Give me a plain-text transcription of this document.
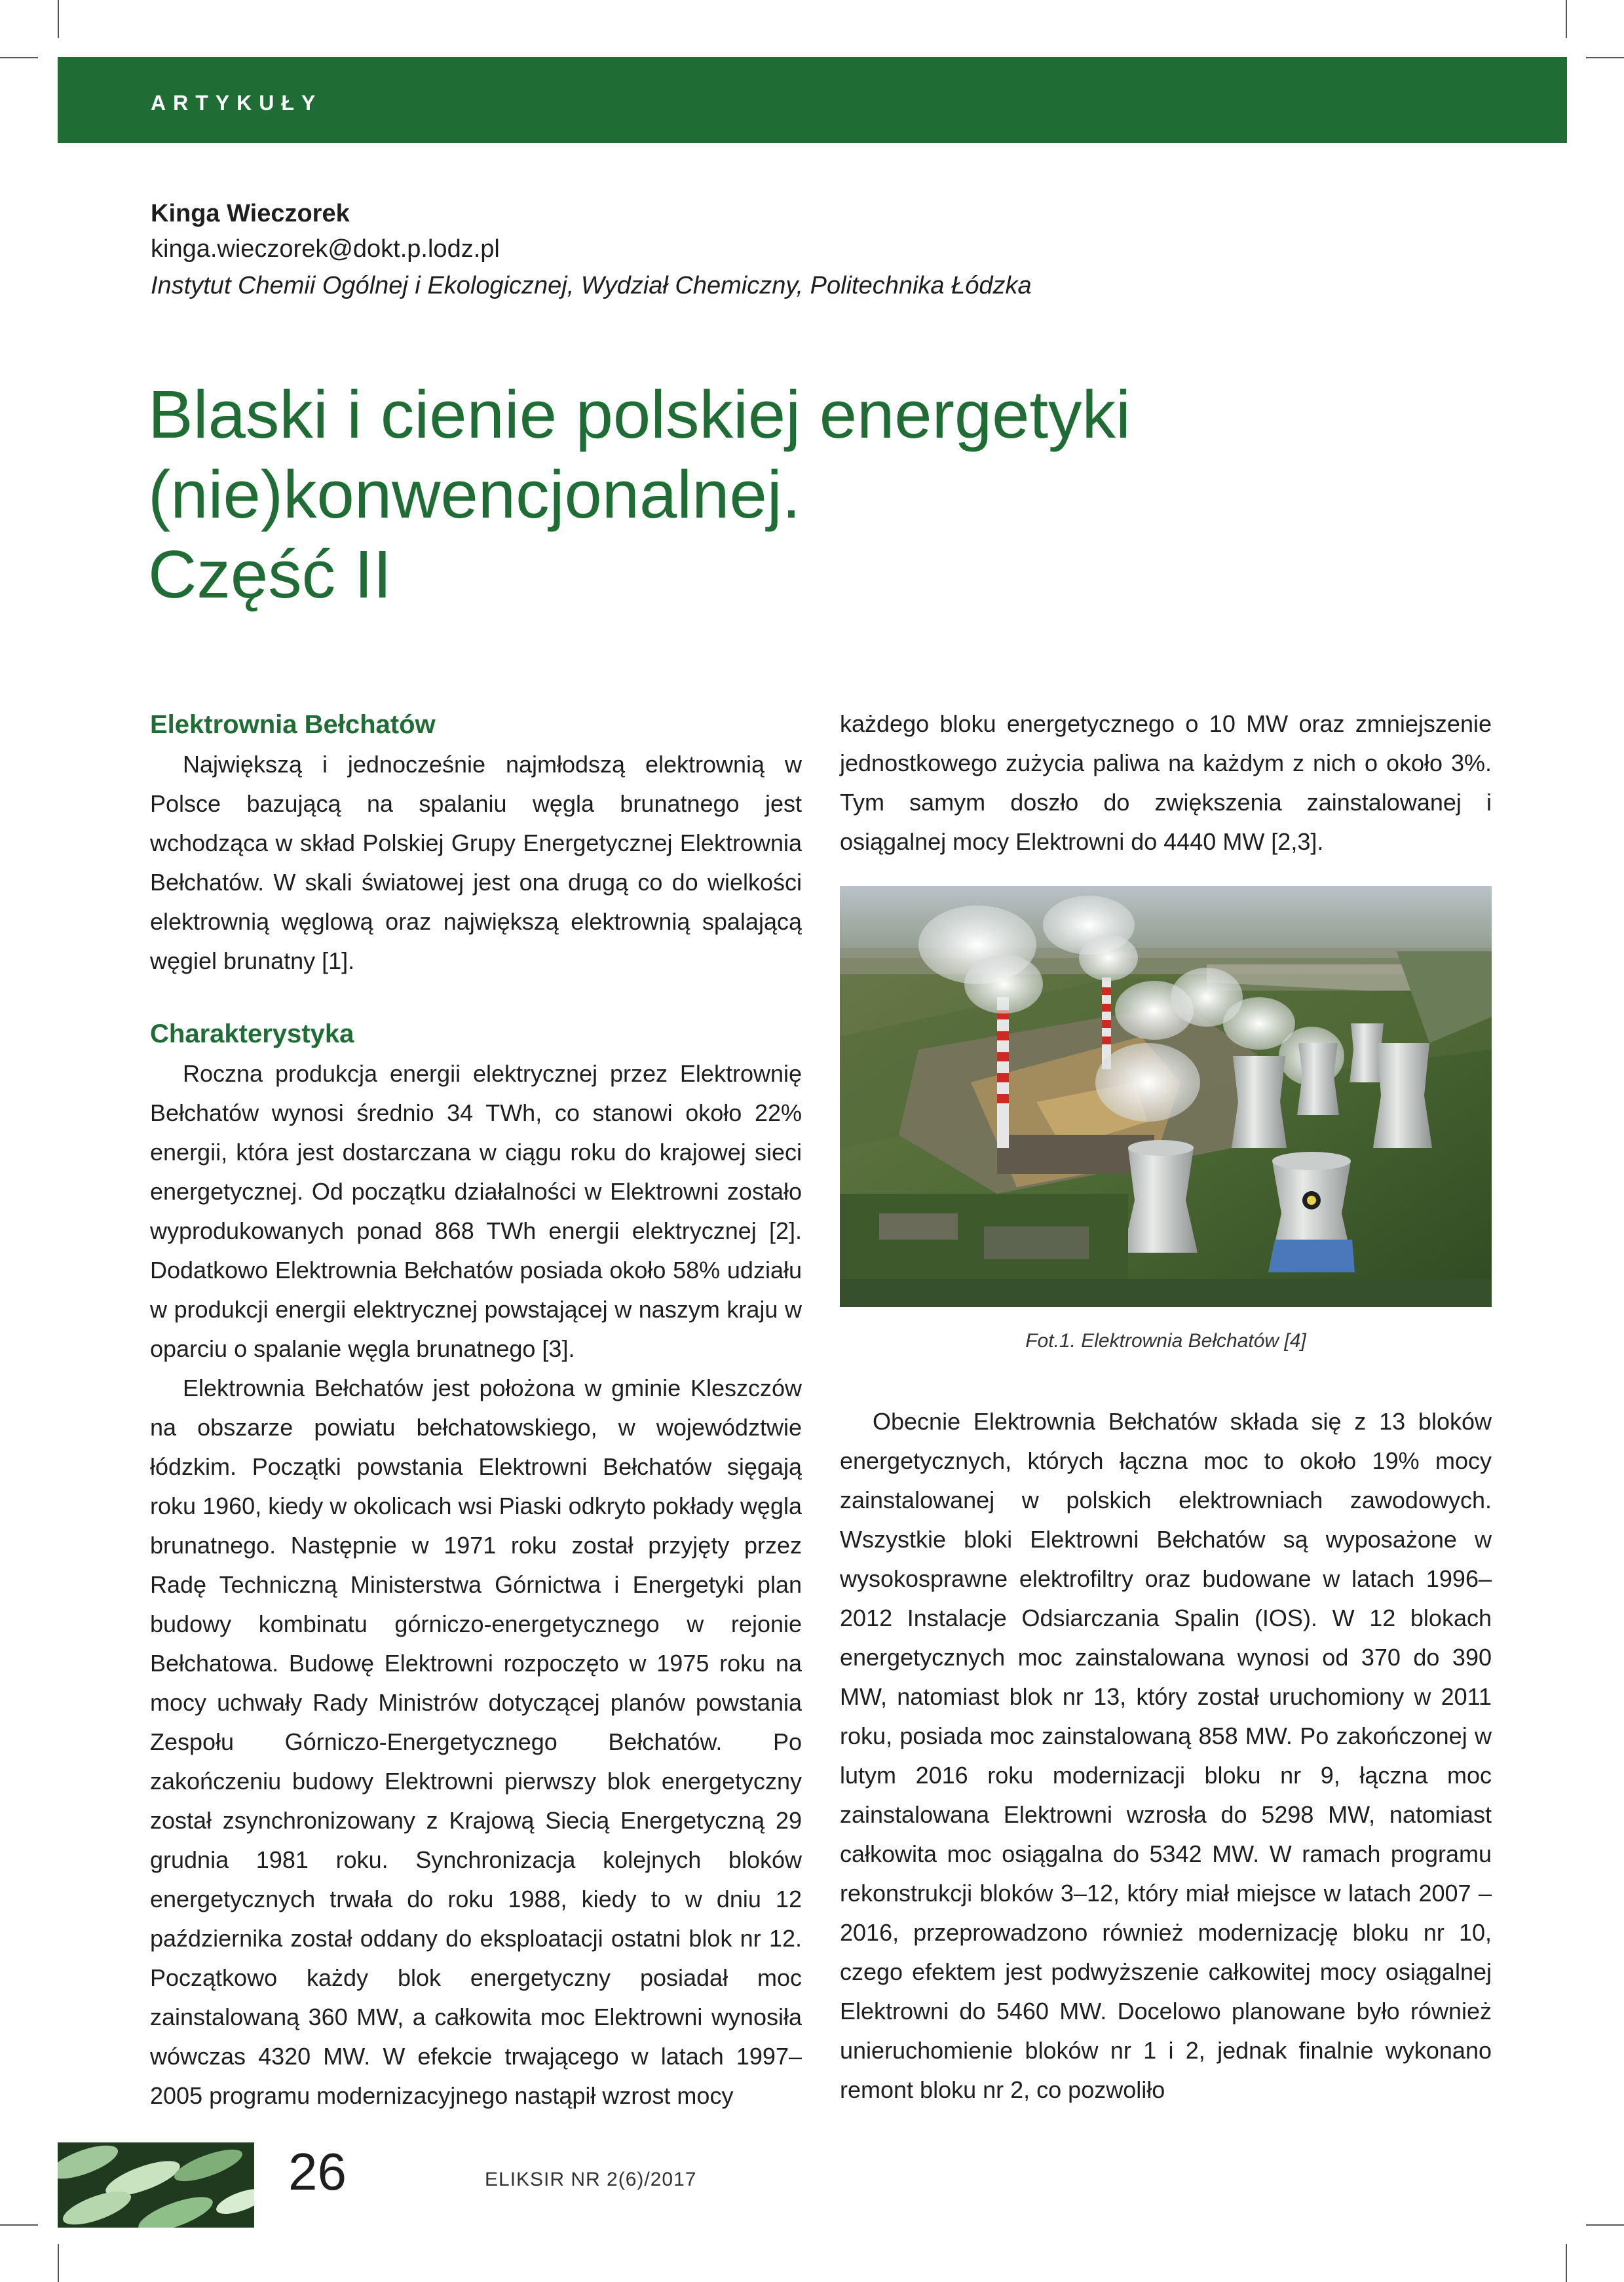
ARTYKUŁY

Kinga Wieczorek

kinga.wieczorek@dokt.p.lodz.pl

Instytut Chemii Ogólnej i Ekologicznej, Wydział Chemiczny, Politechnika Łódzka

Blaski i cienie polskiej energetyki
(nie)konwencjonalnej.
Część II
Elektrownia Bełchatów

Największą i jednocześnie najmłodszą elektrownią w Polsce bazującą na spalaniu węgla brunatnego jest wchodząca w skład Polskiej Grupy Energetycznej Elektrownia Bełchatów. W skali światowej jest ona drugą co do wielkości elektrownią węglową oraz największą elektrownią spalającą węgiel brunatny [1].

Charakterystyka

Roczna produkcja energii elektrycznej przez Elektrownię Bełchatów wynosi średnio 34 TWh, co stanowi około 22% energii, która jest dostarczana w ciągu roku do krajowej sieci energetycznej. Od początku działalności w Elektrowni zostało wyprodukowanych ponad 868 TWh energii elektrycznej [2]. Dodatkowo Elektrownia Bełchatów posiada około 58% udziału w produkcji energii elektrycznej powstającej w naszym kraju w oparciu o spalanie węgla brunatnego [3].

Elektrownia Bełchatów jest położona w gminie Kleszczów na obszarze powiatu bełchatowskiego, w województwie łódzkim. Początki powstania Elektrowni Bełchatów sięgają roku 1960, kiedy w okolicach wsi Piaski odkryto pokłady węgla brunatnego. Następnie w 1971 roku został przyjęty przez Radę Techniczną Ministerstwa Górnictwa i Energetyki plan budowy kombinatu górniczo-energetycznego w rejonie Bełchatowa. Budowę Elektrowni rozpoczęto w 1975 roku na mocy uchwały Rady Ministrów dotyczącej planów powstania Zespołu Górniczo-Energetycznego Bełchatów. Po zakończeniu budowy Elektrowni pierwszy blok energetyczny został zsynchronizowany z Krajową Siecią Energetyczną 29 grudnia 1981 roku. Synchronizacja kolejnych bloków energetycznych trwała do roku 1988, kiedy to w dniu 12 października został oddany do eksploatacji ostatni blok nr 12. Początkowo każdy blok energetyczny posiadał moc zainstalowaną 360 MW, a całkowita moc Elektrowni wynosiła wówczas 4320 MW. W efekcie trwającego w latach 1997–2005 programu modernizacyjnego nastąpił wzrost mocy

każdego bloku energetycznego o 10 MW oraz zmniejszenie jednostkowego zużycia paliwa na każdym z nich o około 3%. Tym samym doszło do zwiększenia zainstalowanej i osiągalnej mocy Elektrowni do 4440 MW [2,3].

Fot.1. Elektrownia Bełchatów [4]

Obecnie Elektrownia Bełchatów składa się z 13 bloków energetycznych, których łączna moc to około 19% mocy zainstalowanej w polskich elektrowniach zawodowych. Wszystkie bloki Elektrowni Bełchatów są wyposażone w wysokosprawne elektrofiltry oraz budowane w latach 1996–2012 Instalacje Odsiarczania Spalin (IOS). W 12 blokach energetycznych moc zainstalowana wynosi od 370 do 390 MW, natomiast blok nr 13, który został uruchomiony w 2011 roku, posiada moc zainstalowaną 858 MW. Po zakończonej w lutym 2016 roku modernizacji bloku nr 9, łączna moc zainstalowana Elektrowni wzrosła do 5298 MW, natomiast całkowita moc osiągalna do 5342 MW. W ramach programu rekonstrukcji bloków 3–12, który miał miejsce w latach 2007 – 2016, przeprowadzono również modernizację bloku nr 10, czego efektem jest podwyższenie całkowitej mocy osiągalnej Elektrowni do 5460 MW. Docelowo planowane było również unieruchomienie bloków nr 1 i 2, jednak finalnie wykonano remont bloku nr 2, co pozwoliło

26	ELIKSIR NR 2(6)/2017
